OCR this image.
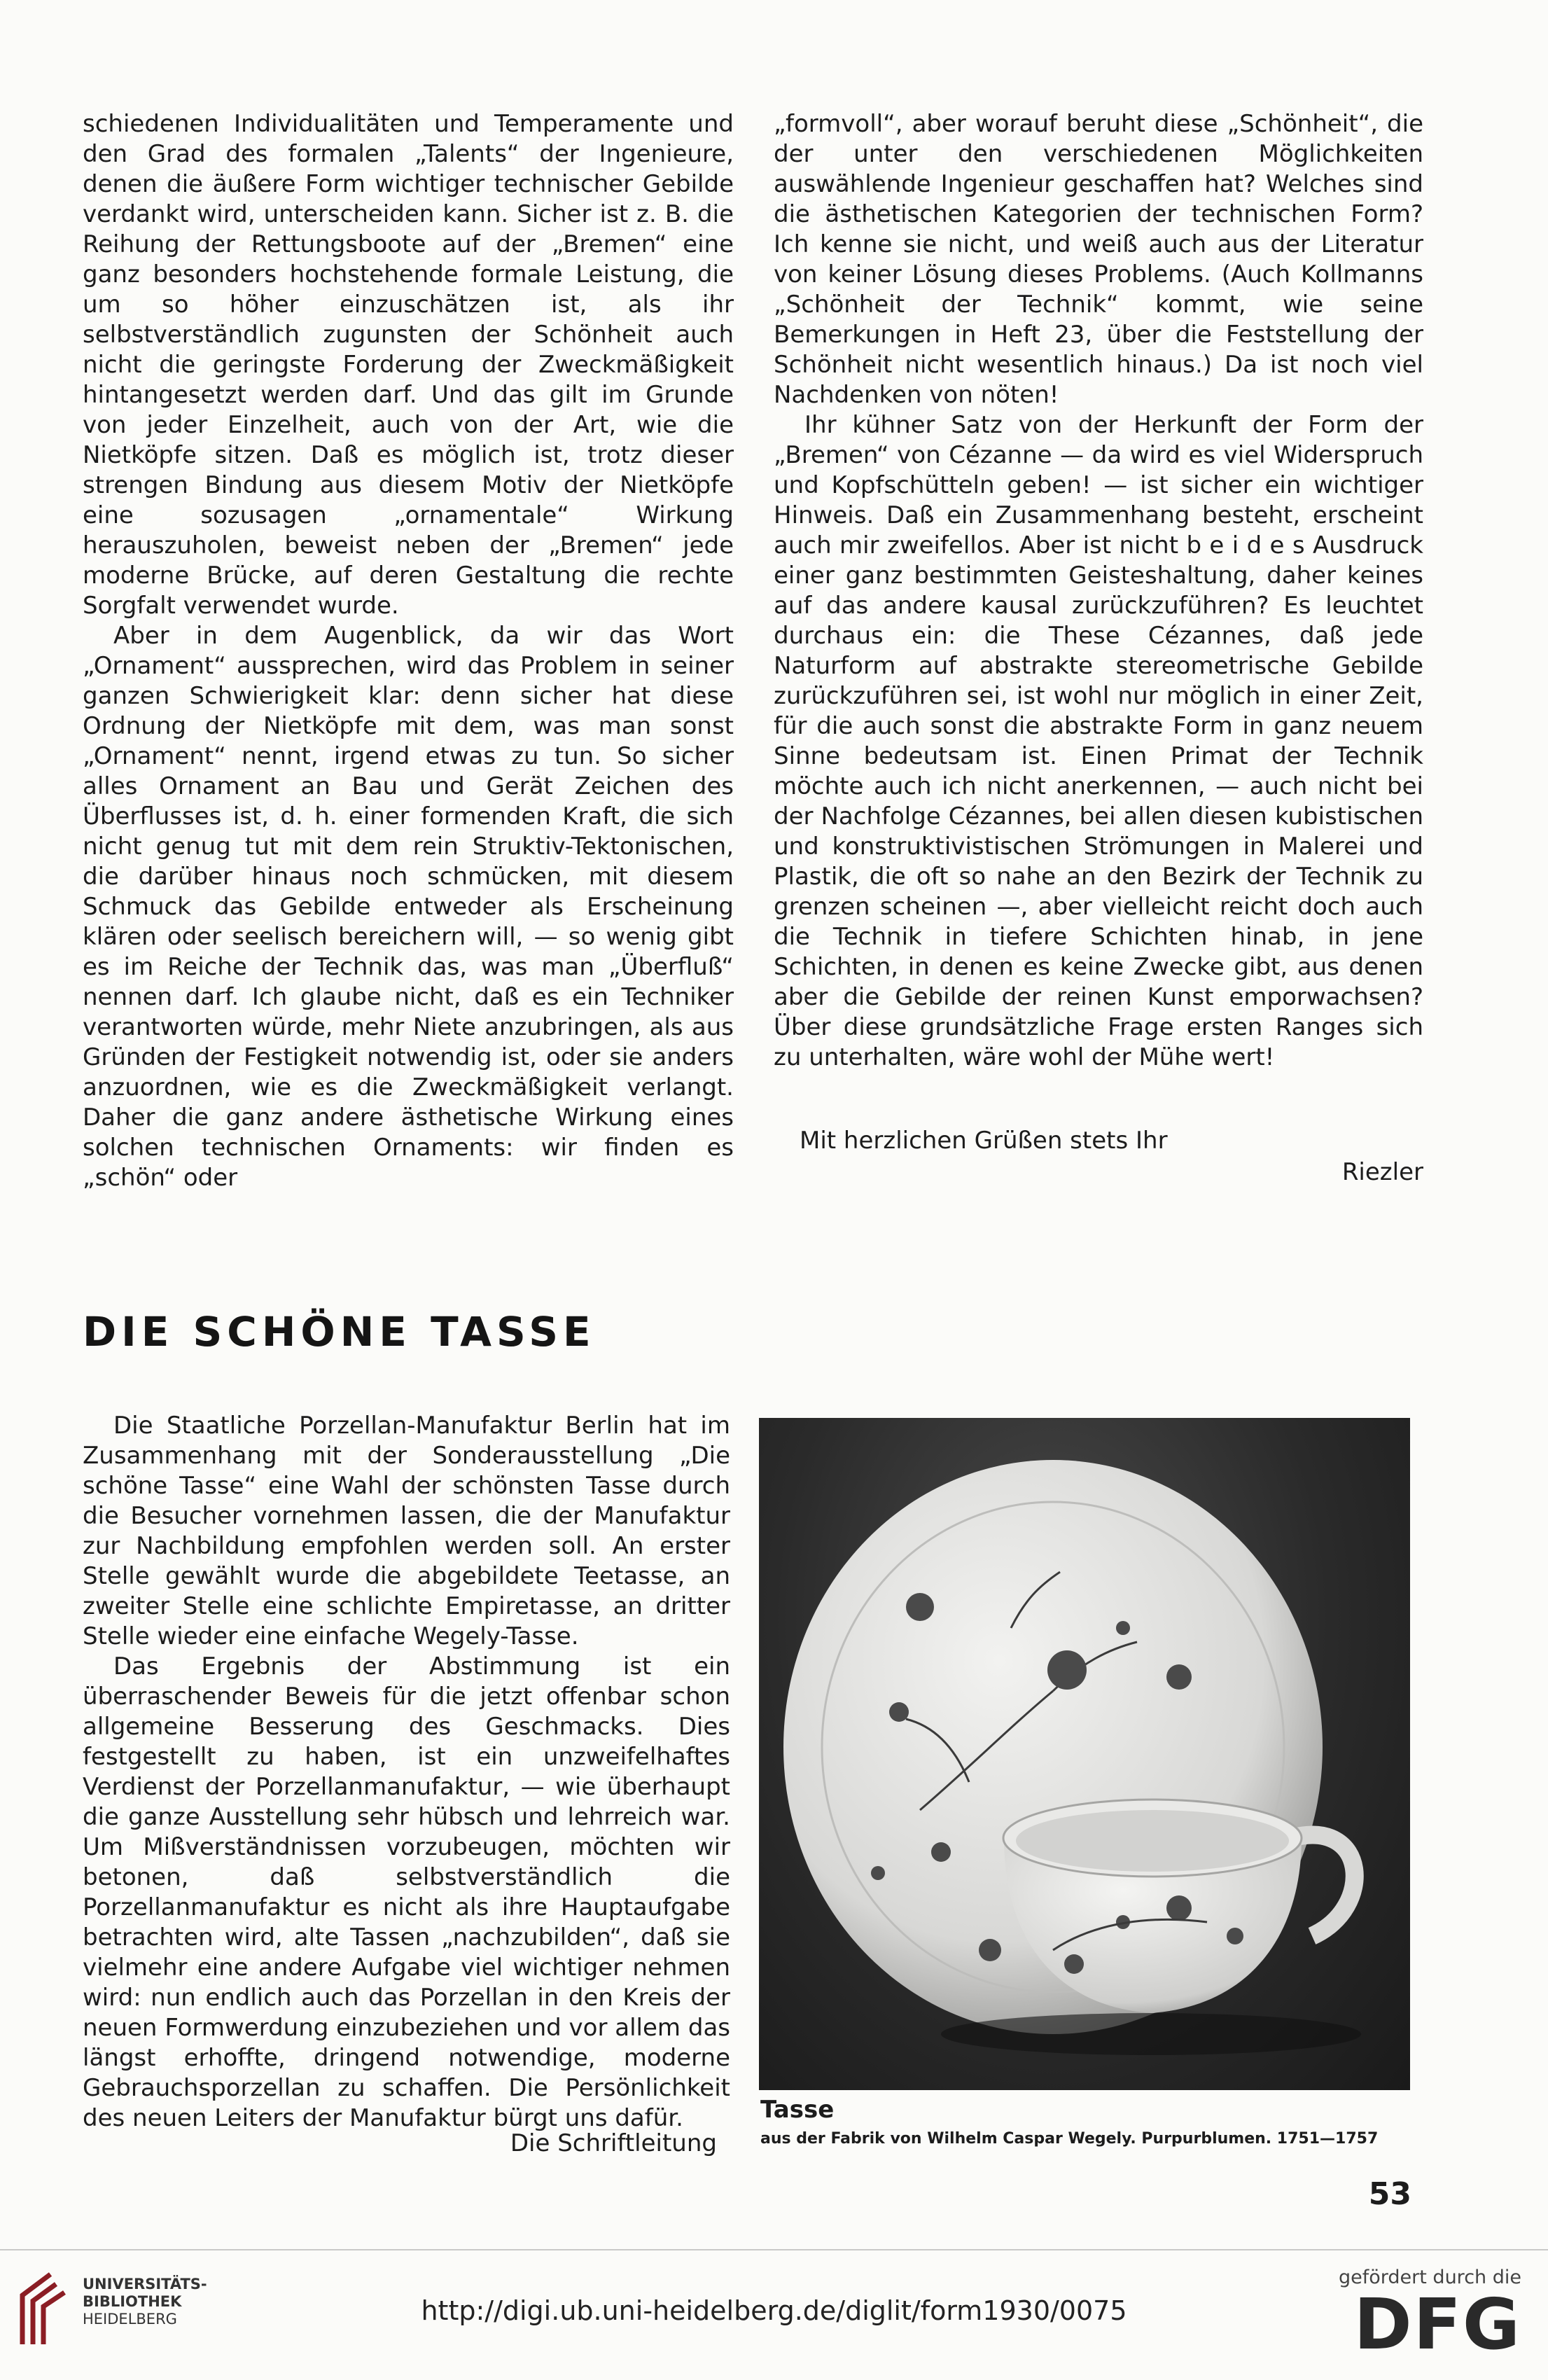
schiedenen Individualitäten und Temperamente und den Grad des formalen „Talents“ der Ingenieure, denen die äußere Form wichtiger technischer Gebilde verdankt wird, unterscheiden kann. Sicher ist z. B. die Reihung der Rettungsboote auf der „Bremen“ eine ganz besonders hochstehende formale Leistung, die um so höher einzuschätzen ist, als ihr selbstverständlich zugunsten der Schönheit auch nicht die geringste Forderung der Zweckmäßigkeit hintangesetzt werden darf. Und das gilt im Grunde von jeder Einzelheit, auch von der Art, wie die Nietköpfe sitzen. Daß es möglich ist, trotz dieser strengen Bindung aus diesem Motiv der Nietköpfe eine sozusagen „ornamentale“ Wirkung herauszuholen, beweist neben der „Bremen“ jede moderne Brücke, auf deren Gestaltung die rechte Sorgfalt verwendet wurde.

Aber in dem Augenblick, da wir das Wort „Ornament“ aussprechen, wird das Problem in seiner ganzen Schwierigkeit klar: denn sicher hat diese Ordnung der Nietköpfe mit dem, was man sonst „Ornament“ nennt, irgend etwas zu tun. So sicher alles Ornament an Bau und Gerät Zeichen des Überflusses ist, d. h. einer formenden Kraft, die sich nicht genug tut mit dem rein Struktiv-Tektonischen, die darüber hinaus noch schmücken, mit diesem Schmuck das Gebilde entweder als Erscheinung klären oder seelisch bereichern will, — so wenig gibt es im Reiche der Technik das, was man „Überfluß“ nennen darf. Ich glaube nicht, daß es ein Techniker verantworten würde, mehr Niete anzubringen, als aus Gründen der Festigkeit notwendig ist, oder sie anders anzuordnen, wie es die Zweckmäßigkeit verlangt. Daher die ganz andere ästhetische Wirkung eines solchen technischen Ornaments: wir finden es „schön“ oder

„formvoll“, aber worauf beruht diese „Schönheit“, die der unter den verschiedenen Möglichkeiten auswählende Ingenieur geschaffen hat? Welches sind die ästhetischen Kategorien der technischen Form? Ich kenne sie nicht, und weiß auch aus der Literatur von keiner Lösung dieses Problems. (Auch Kollmanns „Schönheit der Technik“ kommt, wie seine Bemerkungen in Heft 23, über die Feststellung der Schönheit nicht wesentlich hinaus.) Da ist noch viel Nachdenken von nöten!

Ihr kühner Satz von der Herkunft der Form der „Bremen“ von Cézanne — da wird es viel Widerspruch und Kopfschütteln geben! — ist sicher ein wichtiger Hinweis. Daß ein Zusammenhang besteht, erscheint auch mir zweifellos. Aber ist nicht b e i d e s Ausdruck einer ganz bestimmten Geisteshaltung, daher keines auf das andere kausal zurückzuführen? Es leuchtet durchaus ein: die These Cézannes, daß jede Naturform auf abstrakte stereometrische Gebilde zurückzuführen sei, ist wohl nur möglich in einer Zeit, für die auch sonst die abstrakte Form in ganz neuem Sinne bedeutsam ist. Einen Primat der Technik möchte auch ich nicht anerkennen, — auch nicht bei der Nachfolge Cézannes, bei allen diesen kubistischen und konstruktivistischen Strömungen in Malerei und Plastik, die oft so nahe an den Bezirk der Technik zu grenzen scheinen —, aber vielleicht reicht doch auch die Technik in tiefere Schichten hinab, in jene Schichten, in denen es keine Zwecke gibt, aus denen aber die Gebilde der reinen Kunst emporwachsen? Über diese grundsätzliche Frage ersten Ranges sich zu unterhalten, wäre wohl der Mühe wert!

Mit herzlichen Grüßen stets Ihr
Riezler
DIE SCHÖNE TASSE

Die Staatliche Porzellan-Manufaktur Berlin hat im Zusammenhang mit der Sonderausstellung „Die schöne Tasse“ eine Wahl der schönsten Tasse durch die Besucher vornehmen lassen, die der Manufaktur zur Nachbildung empfohlen werden soll. An erster Stelle gewählt wurde die abgebildete Teetasse, an zweiter Stelle eine schlichte Empiretasse, an dritter Stelle wieder eine einfache Wegely-Tasse.

Das Ergebnis der Abstimmung ist ein überraschender Beweis für die jetzt offenbar schon allgemeine Besserung des Geschmacks. Dies festgestellt zu haben, ist ein unzweifelhaftes Verdienst der Porzellanmanufaktur, — wie überhaupt die ganze Ausstellung sehr hübsch und lehrreich war. Um Mißverständnissen vorzubeugen, möchten wir betonen, daß selbstverständlich die Porzellanmanufaktur es nicht als ihre Hauptaufgabe betrachten wird, alte Tassen „nachzubilden“, daß sie vielmehr eine andere Aufgabe viel wichtiger nehmen wird: nun endlich auch das Porzellan in den Kreis der neuen Formwerdung einzubeziehen und vor allem das längst erhoffte, dringend notwendige, moderne Gebrauchsporzellan zu schaffen. Die Persönlichkeit des neuen Leiters der Manufaktur bürgt uns dafür.

Die Schriftleitung
Tasse

aus der Fabrik von Wilhelm Caspar Wegely. Purpurblumen. 1751—1757

53

UNIVERSITÄTS-
BIBLIOTHEK
HEIDELBERG	http://digi.ub.uni-heidelberg.de/diglit/form1930/0075
gefördert durch die
DFG
